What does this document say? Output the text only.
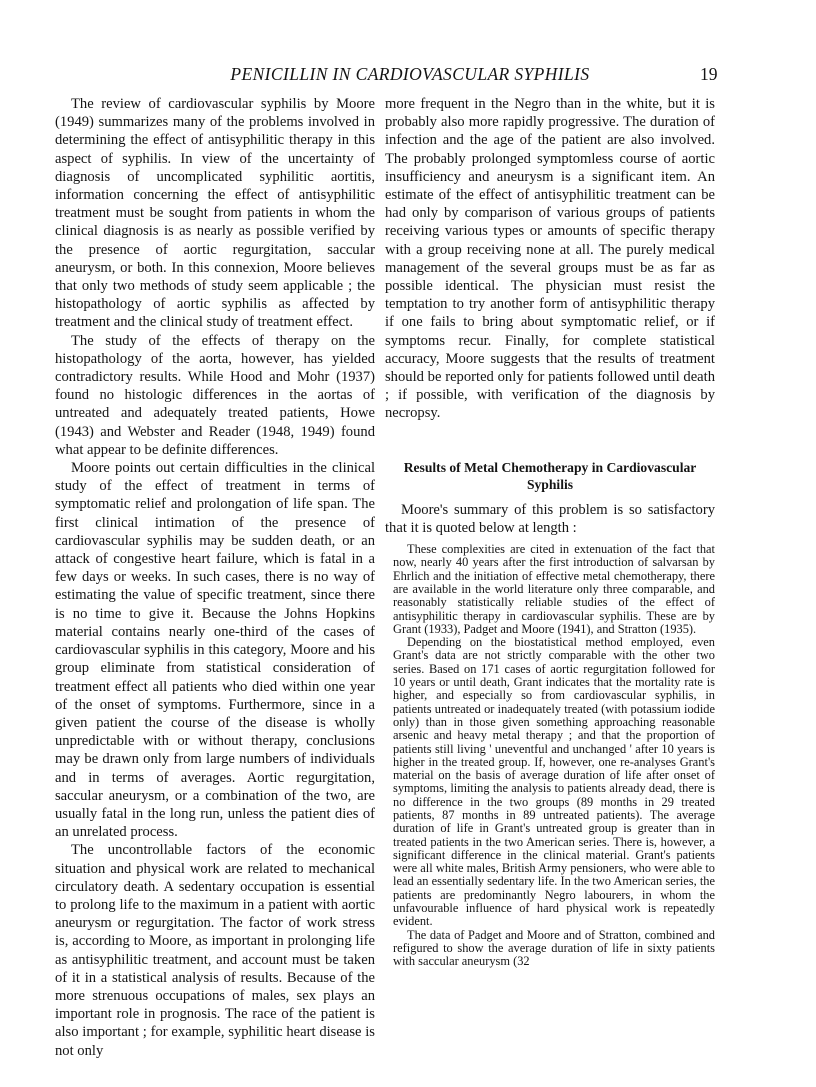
PENICILLIN IN CARDIOVASCULAR SYPHILIS	19

The review of cardiovascular syphilis by Moore (1949) summarizes many of the problems involved in determining the effect of antisyphilitic therapy in this aspect of syphilis. In view of the uncertainty of diagnosis of uncomplicated syphilitic aortitis, information concerning the effect of antisyphilitic treatment must be sought from patients in whom the clinical diagnosis is as nearly as possible verified by the presence of aortic regurgitation, saccular aneurysm, or both. In this connexion, Moore believes that only two methods of study seem applicable ; the histopathology of aortic syphilis as affected by treatment and the clinical study of treatment effect.

The study of the effects of therapy on the histopathology of the aorta, however, has yielded contradictory results. While Hood and Mohr (1937) found no histologic differences in the aortas of untreated and adequately treated patients, Howe (1943) and Webster and Reader (1948, 1949) found what appear to be definite differences.

Moore points out certain difficulties in the clinical study of the effect of treatment in terms of symptomatic relief and prolongation of life span. The first clinical intimation of the presence of cardiovascular syphilis may be sudden death, or an attack of congestive heart failure, which is fatal in a few days or weeks. In such cases, there is no way of estimating the value of specific treatment, since there is no time to give it. Because the Johns Hopkins material contains nearly one-third of the cases of cardiovascular syphilis in this category, Moore and his group eliminate from statistical consideration of treatment effect all patients who died within one year of the onset of symptoms. Furthermore, since in a given patient the course of the disease is wholly unpredictable with or without therapy, conclusions may be drawn only from large numbers of individuals and in terms of averages. Aortic regurgitation, saccular aneurysm, or a combination of the two, are usually fatal in the long run, unless the patient dies of an unrelated process.

The uncontrollable factors of the economic situation and physical work are related to mechanical circulatory death. A sedentary occupation is essential to prolong life to the maximum in a patient with aortic aneurysm or regurgitation. The factor of work stress is, according to Moore, as important in prolonging life as antisyphilitic treatment, and account must be taken of it in a statistical analysis of results. Because of the more strenuous occupations of males, sex plays an important role in prognosis. The race of the patient is also important ; for example, syphilitic heart disease is not only

more frequent in the Negro than in the white, but it is probably also more rapidly progressive. The duration of infection and the age of the patient are also involved. The probably prolonged symptomless course of aortic insufficiency and aneurysm is a significant item. An estimate of the effect of antisyphilitic treatment can be had only by comparison of various groups of patients receiving various types or amounts of specific therapy with a group receiving none at all. The purely medical management of the several groups must be as far as possible identical. The physician must resist the temptation to try another form of antisyphilitic therapy if one fails to bring about symptomatic relief, or if symptoms recur. Finally, for complete statistical accuracy, Moore suggests that the results of treatment should be reported only for patients followed until death ; if possible, with verification of the diagnosis by necropsy.

Results of Metal Chemotherapy in Cardiovascular Syphilis

Moore's summary of this problem is so satisfactory that it is quoted below at length :

These complexities are cited in extenuation of the fact that now, nearly 40 years after the first introduction of salvarsan by Ehrlich and the initiation of effective metal chemotherapy, there are available in the world literature only three comparable, and reasonably statistically reliable studies of the effect of antisyphilitic therapy in cardiovascular syphilis. These are by Grant (1933), Padget and Moore (1941), and Stratton (1935).

Depending on the biostatistical method employed, even Grant's data are not strictly comparable with the other two series. Based on 171 cases of aortic regurgitation followed for 10 years or until death, Grant indicates that the mortality rate is higher, and especially so from cardiovascular syphilis, in patients untreated or inadequately treated (with potassium iodide only) than in those given something approaching reasonable arsenic and heavy metal therapy ; and that the proportion of patients still living ' uneventful and unchanged ' after 10 years is higher in the treated group. If, however, one re-analyses Grant's material on the basis of average duration of life after onset of symptoms, limiting the analysis to patients already dead, there is no difference in the two groups (89 months in 29 treated patients, 87 months in 89 untreated patients). The average duration of life in Grant's untreated group is greater than in treated patients in the two American series. There is, however, a significant difference in the clinical material. Grant's patients were all white males, British Army pensioners, who were able to lead an essentially sedentary life. In the two American series, the patients are predominantly Negro labourers, in whom the unfavourable influence of hard physical work is repeatedly evident.

The data of Padget and Moore and of Stratton, combined and refigured to show the average duration of life in sixty patients with saccular aneurysm (32
